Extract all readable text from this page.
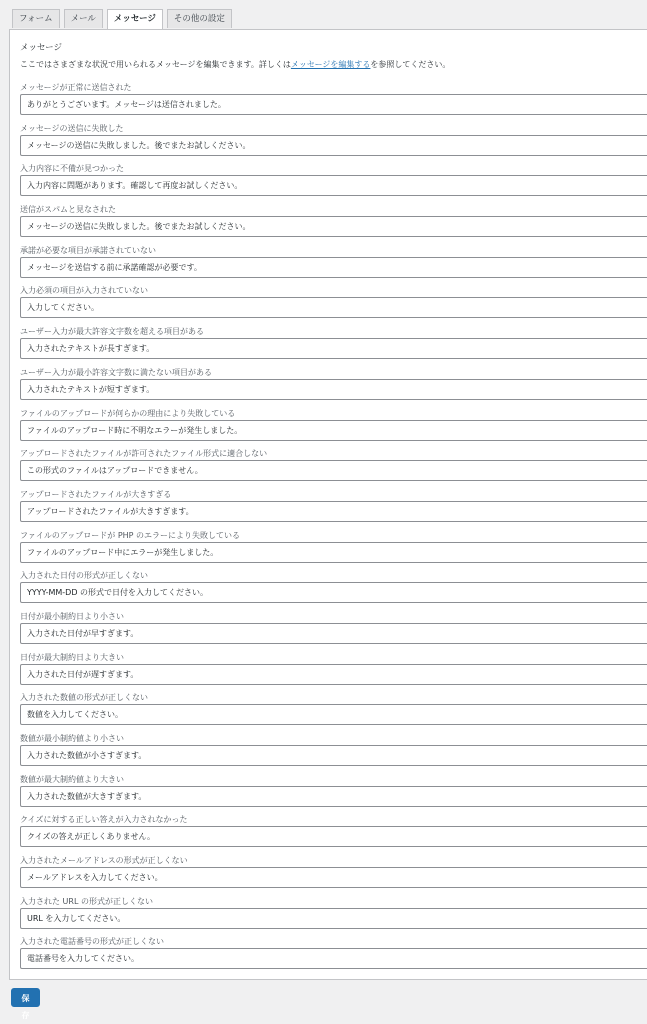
フォーム	メール	メッセージ	その他の設定
メッセージ

ここではさまざまな状況で用いられるメッセージを編集できます。詳しくはメッセージを編集するを参照してください。

メッセージが正常に送信された
ありがとうございます。メッセージは送信されました。
メッセージの送信に失敗した
メッセージの送信に失敗しました。後でまたお試しください。
入力内容に不備が見つかった
入力内容に問題があります。確認して再度お試しください。
送信がスパムと見なされた
メッセージの送信に失敗しました。後でまたお試しください。
承諾が必要な項目が承諾されていない
メッセージを送信する前に承諾確認が必要です。
入力必須の項目が入力されていない
入力してください。
ユーザー入力が最大許容文字数を超える項目がある
入力されたテキストが長すぎます。
ユーザー入力が最小許容文字数に満たない項目がある
入力されたテキストが短すぎます。
ファイルのアップロードが何らかの理由により失敗している
ファイルのアップロード時に不明なエラーが発生しました。
アップロードされたファイルが許可されたファイル形式に適合しない
この形式のファイルはアップロードできません。
アップロードされたファイルが大きすぎる
アップロードされたファイルが大きすぎます。
ファイルのアップロードが PHP のエラーにより失敗している
ファイルのアップロード中にエラーが発生しました。
入力された日付の形式が正しくない
YYYY-MM-DD の形式で日付を入力してください。
日付が最小制約日より小さい
入力された日付が早すぎます。
日付が最大制約日より大きい
入力された日付が遅すぎます。
入力された数値の形式が正しくない
数値を入力してください。
数値が最小制約値より小さい
入力された数値が小さすぎます。
数値が最大制約値より大きい
入力された数値が大きすぎます。
クイズに対する正しい答えが入力されなかった
クイズの答えが正しくありません。
入力されたメールアドレスの形式が正しくない
メールアドレスを入力してください。
入力された URL の形式が正しくない
URL を入力してください。
入力された電話番号の形式が正しくない
電話番号を入力してください。
保存
